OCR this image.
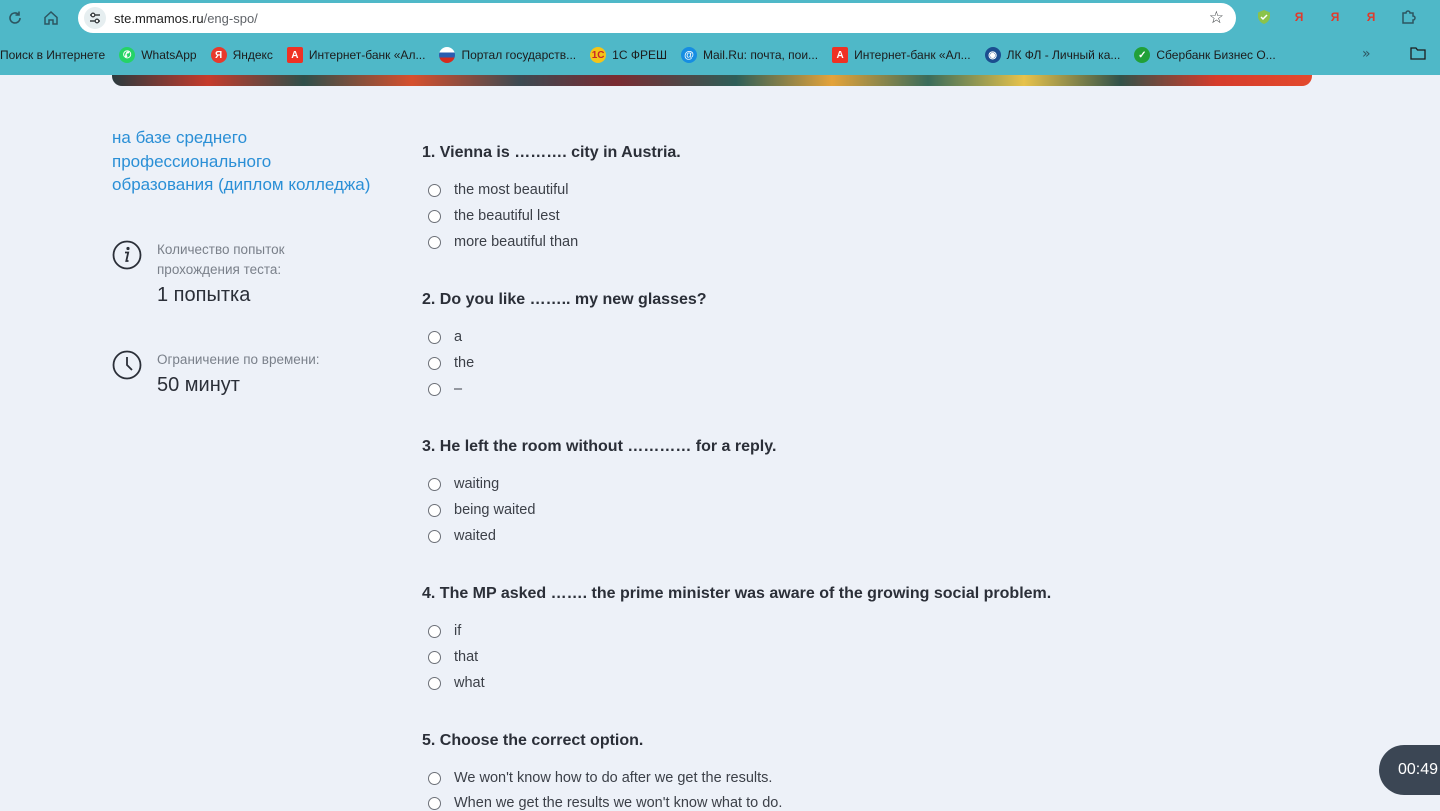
ste.mmamos.ru/eng-spo/	☆	Я	Я	Я
Поиск в Интернете	✆ WhatsApp	Я Яндекс	A Интернет-банк «Ал...	Портал государств... 1C 1С ФРЕШ	@ Mail.Ru: почта, пои...	A Интернет-банк «Ал...	◉ ЛК ФЛ - Личный ка...	✓ Сбербанк Бизнес О...	»

на базе среднего профессионального образования (диплом колледжа)

Количество попыток прохождения теста:
1 попытка
Ограничение по времени:
50 минут

1. Vienna is ………. city in Austria.

the most beautiful
the beautiful lest
more beautiful than

2. Do you like …….. my new glasses?

a
the
–

3. He left the room without ………… for a reply.

waiting
being waited
waited

4. The MP asked ……. the prime minister was aware of the growing social problem.

if
that
what

5. Choose the correct option.

We won't know how to do after we get the results.
When we get the results we won't know what to do.
00:49
